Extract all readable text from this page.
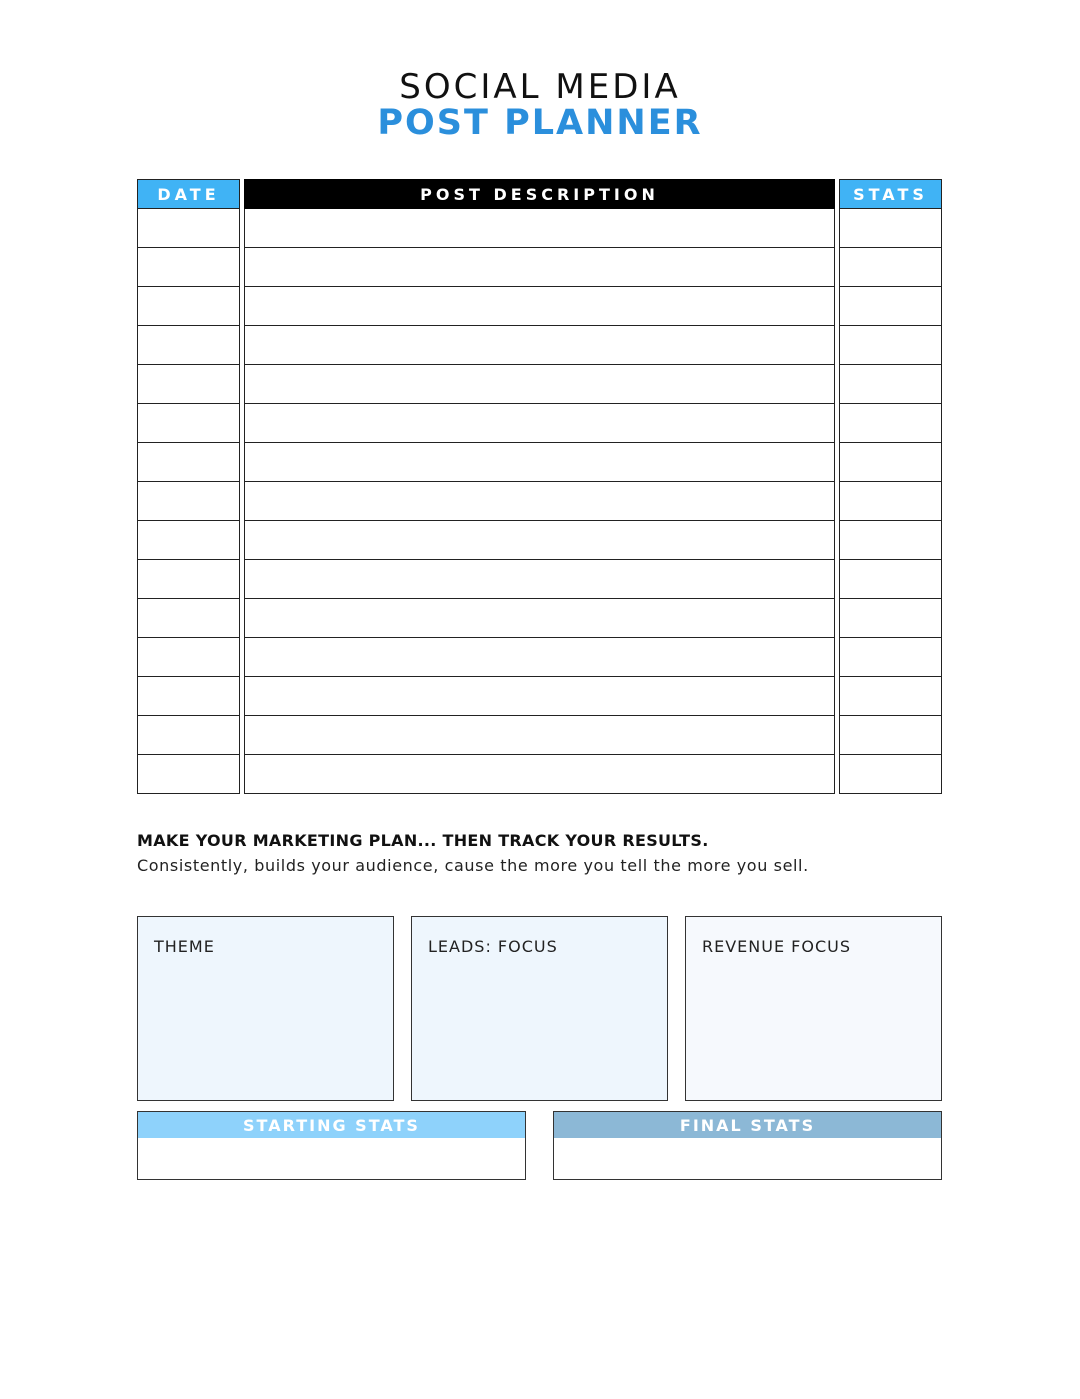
SOCIAL MEDIA
POST PLANNER
DATE	POST DESCRIPTION	STATS
MAKE YOUR MARKETING PLAN... THEN TRACK YOUR RESULTS.
Consistently, builds your audience, cause the more you tell the more you sell.
THEME	LEADS: FOCUS	REVENUE FOCUS
STARTING STATS	FINAL STATS
